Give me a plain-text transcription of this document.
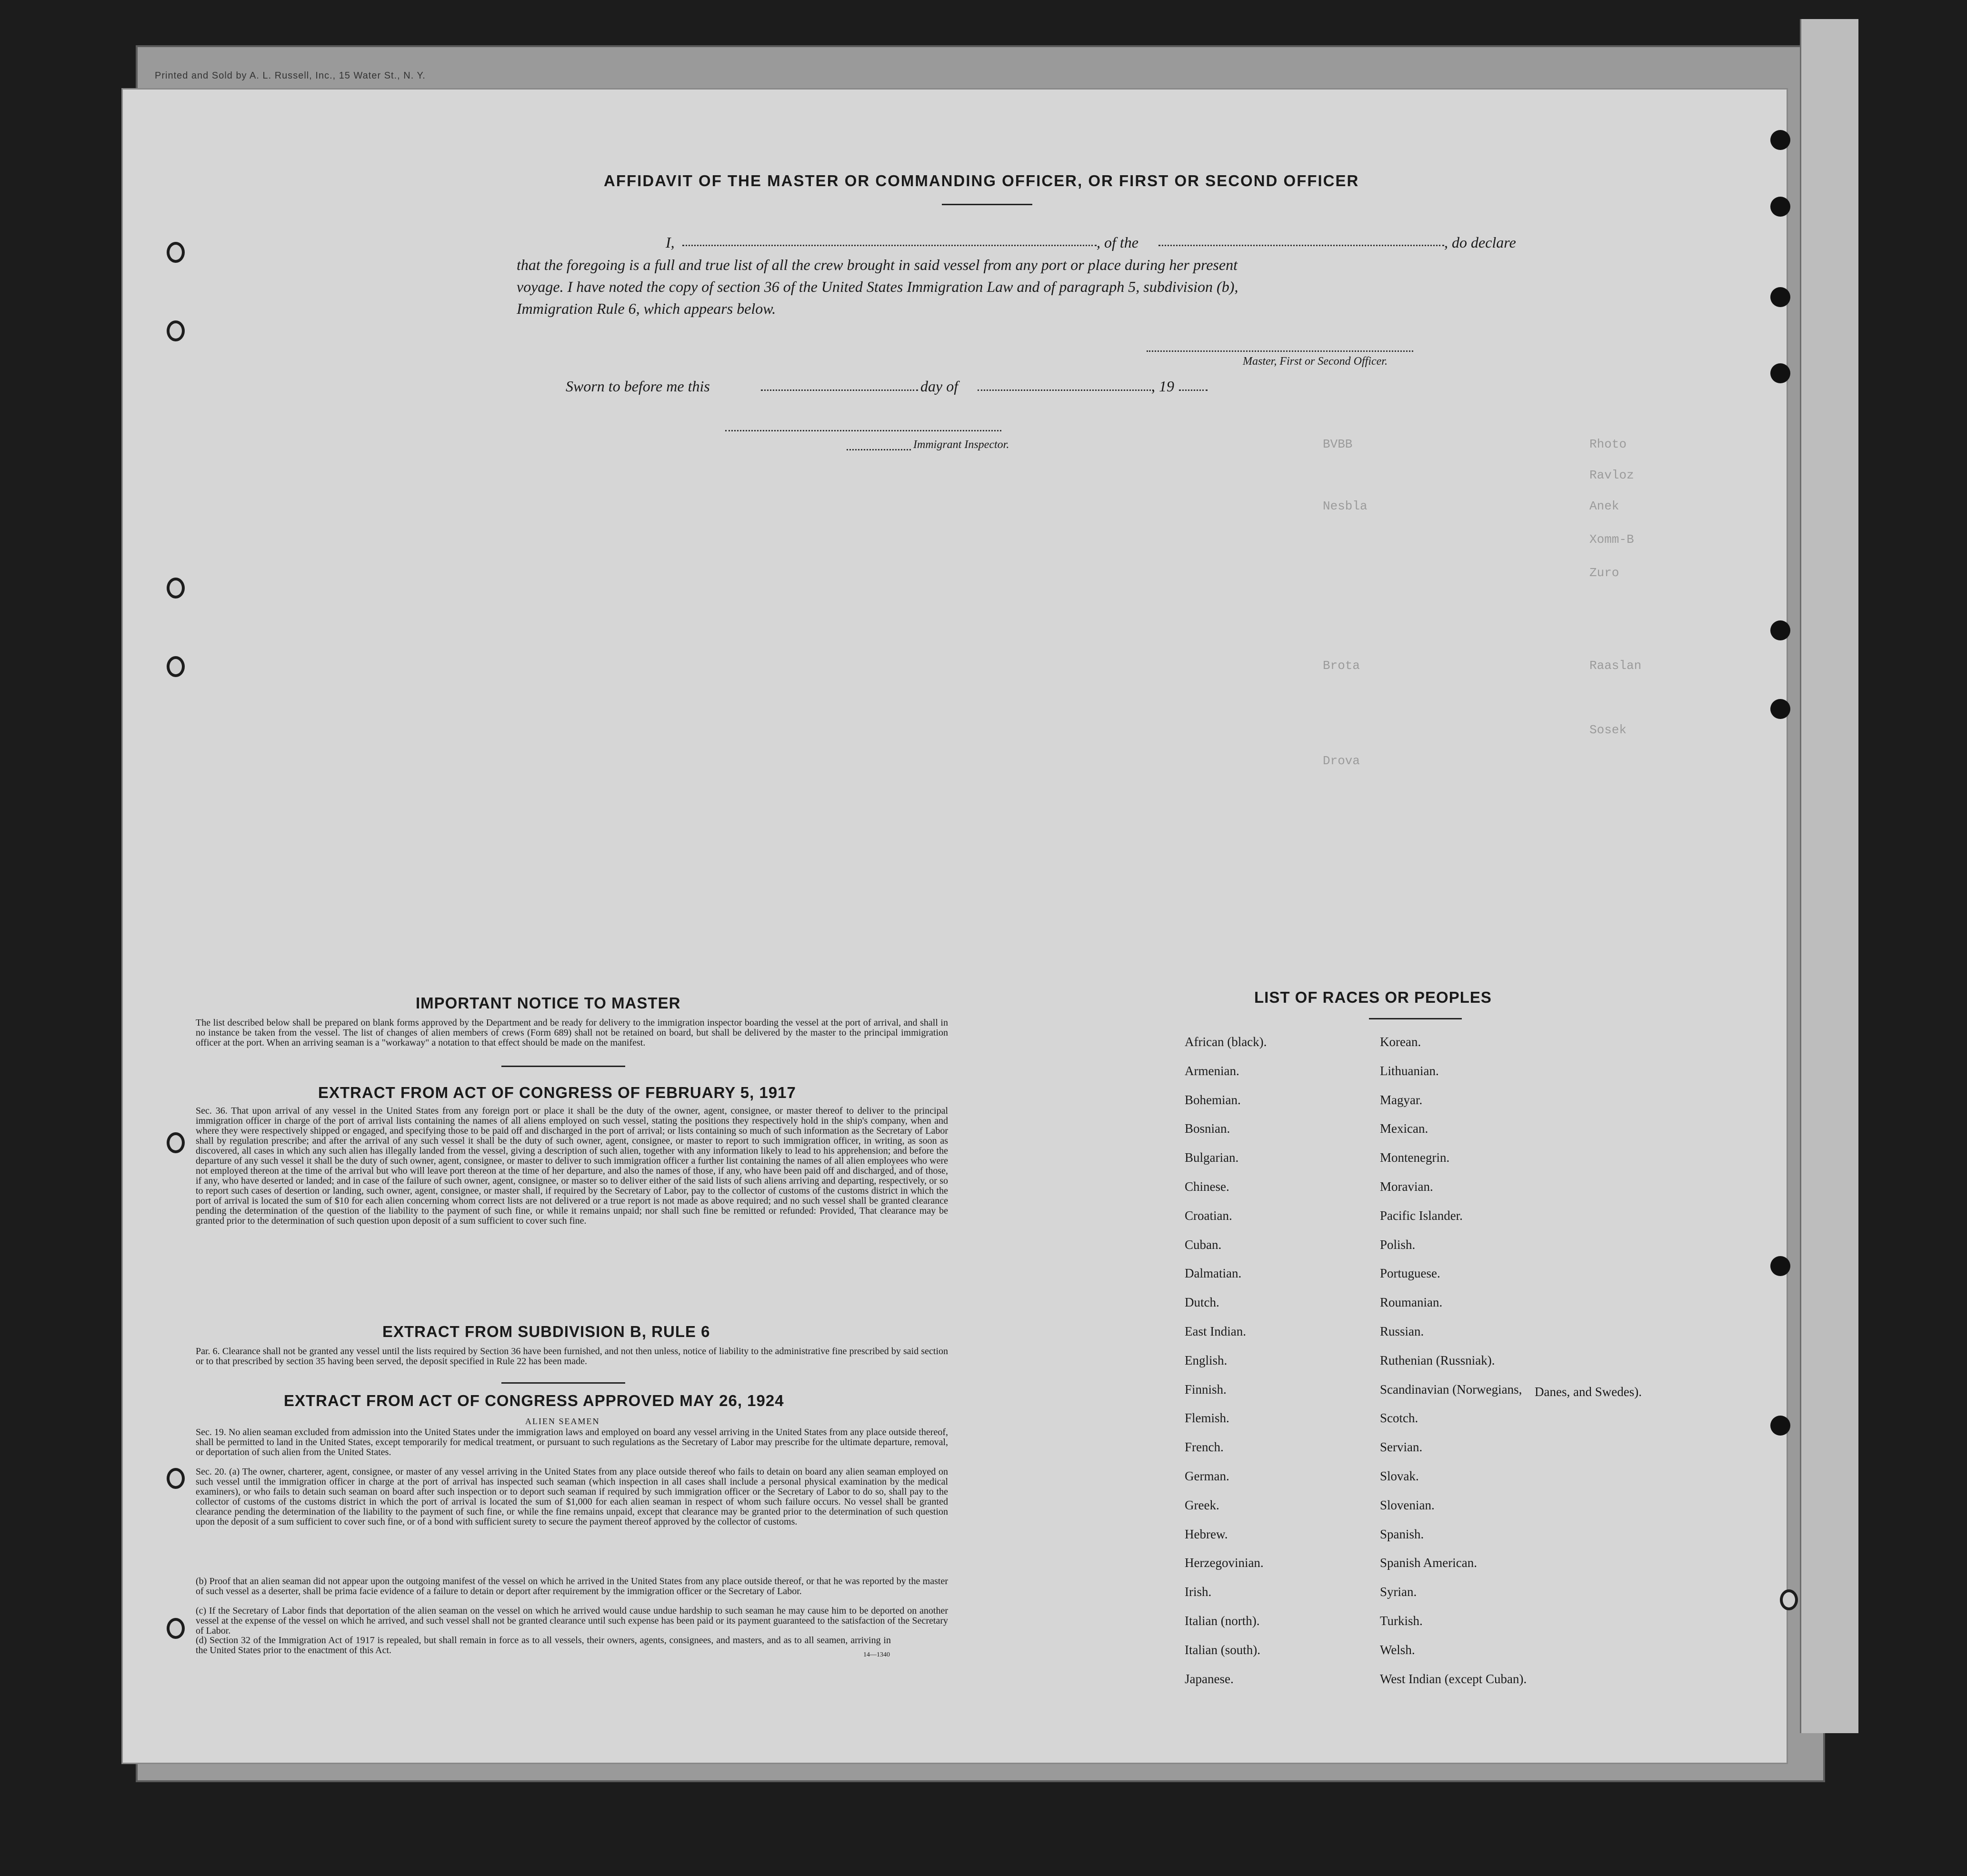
Printed and Sold by A. L. Russell, Inc., 15 Water St., N. Y.
Rhoto
Ravloz
Anek
Xomm-B
Zuro
Raaslan
Sosek
BVBB
Nesbla
Brota
Drova
AFFIDAVIT OF THE MASTER OR COMMANDING OFFICER, OR FIRST OR SECOND OFFICER
I,	, of the	, do declare
that the foregoing is a full and true list of all the crew brought in said vessel from any port or place during her present
voyage. I have noted the copy of section 36 of the United States Immigration Law and of paragraph 5, subdivision (b),
Immigration Rule 6, which appears below.
Master, First or Second Officer.
Sworn to before me this	day of	, 19
Immigrant Inspector.
IMPORTANT NOTICE TO MASTER
The list described below shall be prepared on blank forms approved by the Department and be ready for delivery to the immigration inspector boarding the vessel at the port of arrival, and shall in no instance be taken from the vessel. The list of changes of alien members of crews (Form 689) shall not be retained on board, but shall be delivered by the master to the principal immigration officer at the port. When an arriving seaman is a "workaway" a notation to that effect should be made on the manifest.
EXTRACT FROM ACT OF CONGRESS OF FEBRUARY 5, 1917
Sec. 36. That upon arrival of any vessel in the United States from any foreign port or place it shall be the duty of the owner, agent, consignee, or master thereof to deliver to the principal immigration officer in charge of the port of arrival lists containing the names of all aliens employed on such vessel, stating the positions they respectively hold in the ship's company, when and where they were respectively shipped or engaged, and specifying those to be paid off and discharged in the port of arrival; or lists containing so much of such information as the Secretary of Labor shall by regulation prescribe; and after the arrival of any such vessel it shall be the duty of such owner, agent, consignee, or master to report to such immigration officer, in writing, as soon as discovered, all cases in which any such alien has illegally landed from the vessel, giving a description of such alien, together with any information likely to lead to his apprehension; and before the departure of any such vessel it shall be the duty of such owner, agent, consignee, or master to deliver to such immigration officer a further list containing the names of all alien employees who were not employed thereon at the time of the arrival but who will leave port thereon at the time of her departure, and also the names of those, if any, who have been paid off and discharged, and of those, if any, who have deserted or landed; and in case of the failure of such owner, agent, consignee, or master so to deliver either of the said lists of such aliens arriving and departing, respectively, or so to report such cases of desertion or landing, such owner, agent, consignee, or master shall, if required by the Secretary of Labor, pay to the collector of customs of the customs district in which the port of arrival is located the sum of $10 for each alien concerning whom correct lists are not delivered or a true report is not made as above required; and no such vessel shall be granted clearance pending the determination of the question of the liability to the payment of such fine, or while it remains unpaid; nor shall such fine be remitted or refunded: Provided, That clearance may be granted prior to the determination of such question upon deposit of a sum sufficient to cover such fine.
EXTRACT FROM SUBDIVISION B, RULE 6
Par. 6. Clearance shall not be granted any vessel until the lists required by Section 36 have been furnished, and not then unless, notice of liability to the administrative fine prescribed by said section or to that prescribed by section 35 having been served, the deposit specified in Rule 22 has been made.
EXTRACT FROM ACT OF CONGRESS APPROVED MAY 26, 1924
ALIEN SEAMEN
Sec. 19. No alien seaman excluded from admission into the United States under the immigration laws and employed on board any vessel arriving in the United States from any place outside thereof, shall be permitted to land in the United States, except temporarily for medical treatment, or pursuant to such regulations as the Secretary of Labor may prescribe for the ultimate departure, removal, or deportation of such alien from the United States.
Sec. 20. (a) The owner, charterer, agent, consignee, or master of any vessel arriving in the United States from any place outside thereof who fails to detain on board any alien seaman employed on such vessel until the immigration officer in charge at the port of arrival has inspected such seaman (which inspection in all cases shall include a personal physical examination by the medical examiners), or who fails to detain such seaman on board after such inspection or to deport such seaman if required by such immigration officer or the Secretary of Labor to do so, shall pay to the collector of customs of the customs district in which the port of arrival is located the sum of $1,000 for each alien seaman in respect of whom such failure occurs. No vessel shall be granted clearance pending the determination of the liability to the payment of such fine, or while the fine remains unpaid, except that clearance may be granted prior to the determination of such question upon the deposit of a sum sufficient to cover such fine, or of a bond with sufficient surety to secure the payment thereof approved by the collector of customs.
(b) Proof that an alien seaman did not appear upon the outgoing manifest of the vessel on which he arrived in the United States from any place outside thereof, or that he was reported by the master of such vessel as a deserter, shall be prima facie evidence of a failure to detain or deport after requirement by the immigration officer or the Secretary of Labor.
(c) If the Secretary of Labor finds that deportation of the alien seaman on the vessel on which he arrived would cause undue hardship to such seaman he may cause him to be deported on another vessel at the expense of the vessel on which he arrived, and such vessel shall not be granted clearance until such expense has been paid or its payment guaranteed to the satisfaction of the Secretary of Labor.
(d) Section 32 of the Immigration Act of 1917 is repealed, but shall remain in force as to all vessels, their owners, agents, consignees, and masters, and as to all seamen, arriving in the United States prior to the enactment of this Act.	14—1340
LIST OF RACES OR PEOPLES
Danes, and Swedes).
African (black).
Armenian.
Bohemian.
Bosnian.
Bulgarian.
Chinese.
Croatian.
Cuban.
Dalmatian.
Dutch.
East Indian.
English.
Finnish.
Flemish.
French.
German.
Greek.
Hebrew.
Herzegovinian.
Irish.
Italian (north).
Italian (south).
Japanese.
Korean.
Lithuanian.
Magyar.
Mexican.
Montenegrin.
Moravian.
Pacific Islander.
Polish.
Portuguese.
Roumanian.
Russian.
Ruthenian (Russniak).
Scandinavian (Norwegians,
Scotch.
Servian.
Slovak.
Slovenian.
Spanish.
Spanish American.
Syrian.
Turkish.
Welsh.
West Indian (except Cuban).
